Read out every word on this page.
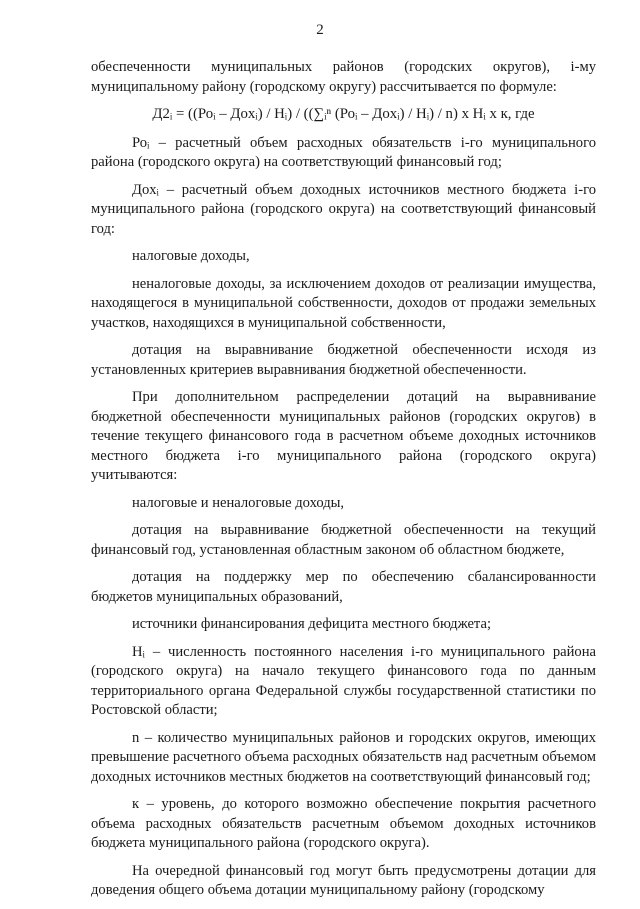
2

обеспеченности муниципальных районов (городских округов), i-му муниципальному району (городскому округу) рассчитывается по формуле:

Д2ᵢ = ((Роᵢ – Доxᵢ) / Нᵢ) / ((∑ᵢⁿ (Роᵢ – Доxᵢ) / Нᵢ) / n) х Нᵢ х к, где

Роᵢ – расчетный объем расходных обязательств i-го муниципального района (городского округа) на соответствующий финансовый год;

Доxᵢ – расчетный объем доходных источников местного бюджета i-го муниципального района (городского округа) на соответствующий финансовый год:

налоговые доходы,

неналоговые доходы, за исключением доходов от реализации имущества, находящегося в муниципальной собственности, доходов от продажи земельных участков, находящихся в муниципальной собственности,

дотация на выравнивание бюджетной обеспеченности исходя из установленных критериев выравнивания бюджетной обеспеченности.

При дополнительном распределении дотаций на выравнивание бюджетной обеспеченности муниципальных районов (городских округов) в течение текущего финансового года в расчетном объеме доходных источников местного бюджета i-го муниципального района (городского округа) учитываются:

налоговые и неналоговые доходы,

дотация на выравнивание бюджетной обеспеченности на текущий финансовый год, установленная областным законом об областном бюджете,

дотация на поддержку мер по обеспечению сбалансированности бюджетов муниципальных образований,

источники финансирования дефицита местного бюджета;

Нᵢ – численность постоянного населения i-го муниципального района (городского округа) на начало текущего финансового года по данным территориального органа Федеральной службы государственной статистики по Ростовской области;

n – количество муниципальных районов и городских округов, имеющих превышение расчетного объема расходных обязательств над расчетным объемом доходных источников местных бюджетов на соответствующий финансовый год;

к – уровень, до которого возможно обеспечение покрытия расчетного объема расходных обязательств расчетным объемом доходных источников бюджета муниципального района (городского округа).

На очередной финансовый год могут быть предусмотрены дотации для доведения общего объема дотации муниципальному району (городскому
